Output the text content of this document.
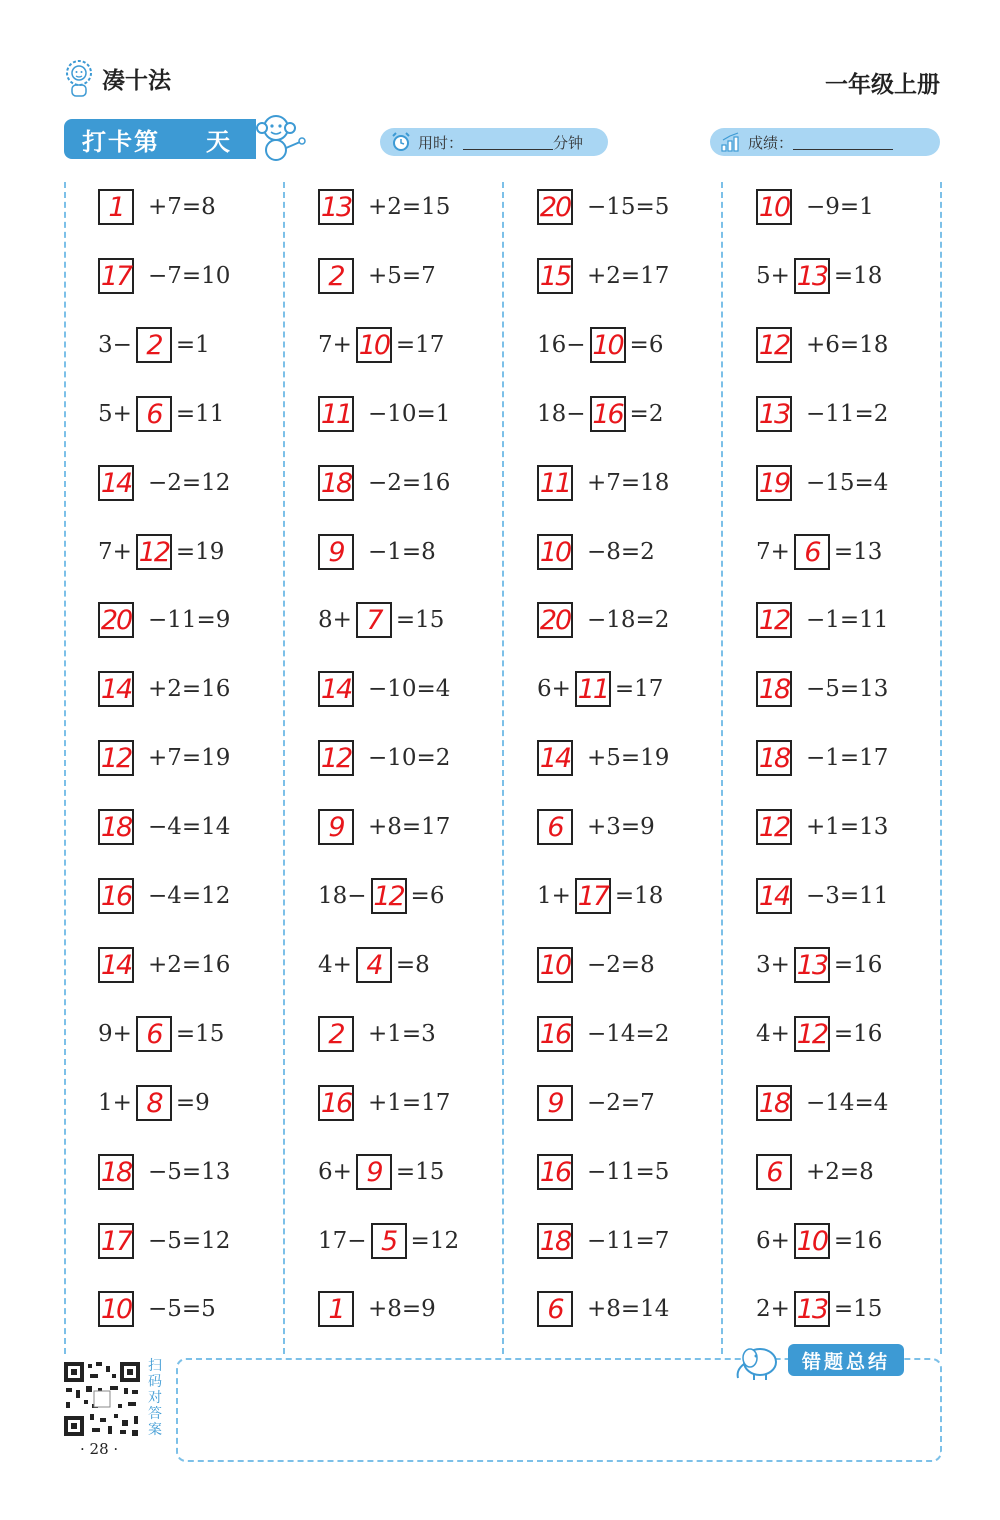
凑十法	一年级上册
打卡第 天	用时：	分钟	成绩：
1	+7=8
17 −7=10
3− 2 =1
5+ 6 =11
14 −2=12
7+ 12 =19
20 −11=9
14 +2=16
12 +7=19
18 −4=14
16 −4=12
14 +2=16
9+ 6 =15
1+ 8 =9
18 −5=13
17 −5=12
10 −5=5
13 +2=15
2	+5=7
7+ 10 =17
11 −10=1
18 −2=16
9	−1=8
8+ 7 =15
14 −10=4
12 −10=2
9	+8=17
18− 12 =6
4+ 4 =8
2	+1=3
16 +1=17
6+ 9 =15
17− 5 =12
1	+8=9
20 −15=5
15 +2=17
16− 10 =6
18− 16 =2
11 +7=18
10 −8=2
20 −18=2
6+ 11 =17
14 +5=19
6	+3=9
1+ 17 =18
10 −2=8
16 −14=2
9	−2=7
16 −11=5
18 −11=7
6	+8=14
10 −9=1
5+ 13 =18
12 +6=18
13 −11=2
19 −15=4
7+ 6 =13
12 −1=11
18 −5=13
18 −1=17
12 +1=13
14 −3=11
3+ 13 =16
4+ 12 =16
18 −14=4
6	+2=8
6+ 10 =16
2+ 13 =15
扫码对答案
· 28 ·
错题总结
